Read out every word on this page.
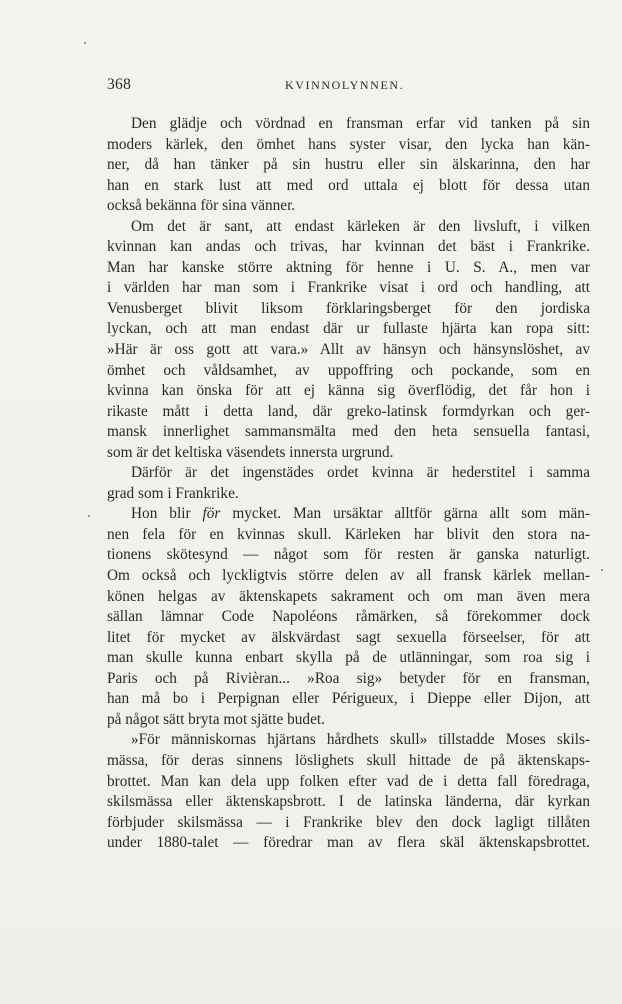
368	KVINNOLYNNEN.
Den glädje och vördnad en fransman erfar vid tanken på sin
moders kärlek, den ömhet hans syster visar, den lycka han kän-
ner, då han tänker på sin hustru eller sin älskarinna, den har
han en stark lust att med ord uttala ej blott för dessa utan
också bekänna för sina vänner.
Om det är sant, att endast kärleken är den livsluft, i vilken
kvinnan kan andas och trivas, har kvinnan det bäst i Frankrike.
Man har kanske större aktning för henne i U. S. A., men var
i världen har man som i Frankrike visat i ord och handling, att
Venusberget blivit liksom förklaringsberget för den jordiska
lyckan, och att man endast där ur fullaste hjärta kan ropa sitt:
»Här är oss gott att vara.» Allt av hänsyn och hänsynslöshet, av
ömhet och våldsamhet, av uppoffring och pockande, som en
kvinna kan önska för att ej känna sig överflödig, det får hon i
rikaste mått i detta land, där greko-latinsk formdyrkan och ger-
mansk innerlighet sammansmälta med den heta sensuella fantasi,
som är det keltiska väsendets innersta urgrund.
Därför är det ingenstädes ordet kvinna är hederstitel i samma
grad som i Frankrike.
Hon blir för mycket. Man ursäktar alltför gärna allt som män-
nen fela för en kvinnas skull. Kärleken har blivit den stora na-
tionens skötesynd — något som för resten är ganska naturligt.
Om också och lyckligtvis större delen av all fransk kärlek mellan-
könen helgas av äktenskapets sakrament och om man även mera
sällan lämnar Code Napoléons råmärken, så förekommer dock
litet för mycket av älskvärdast sagt sexuella förseelser, för att
man skulle kunna enbart skylla på de utlänningar, som roa sig i
Paris och på Rivièran... »Roa sig» betyder för en fransman,
han må bo i Perpignan eller Périgueux, i Dieppe eller Dijon, att
på något sätt bryta mot sjätte budet.
»För människornas hjärtans hårdhets skull» tillstadde Moses skils-
mässa, för deras sinnens löslighets skull hittade de på äktenskaps-
brottet. Man kan dela upp folken efter vad de i detta fall föredraga,
skilsmässa eller äktenskapsbrott. I de latinska länderna, där kyrkan
förbjuder skilsmässa — i Frankrike blev den dock lagligt tillåten
under 1880-talet — föredrar man av flera skäl äktenskapsbrottet.
